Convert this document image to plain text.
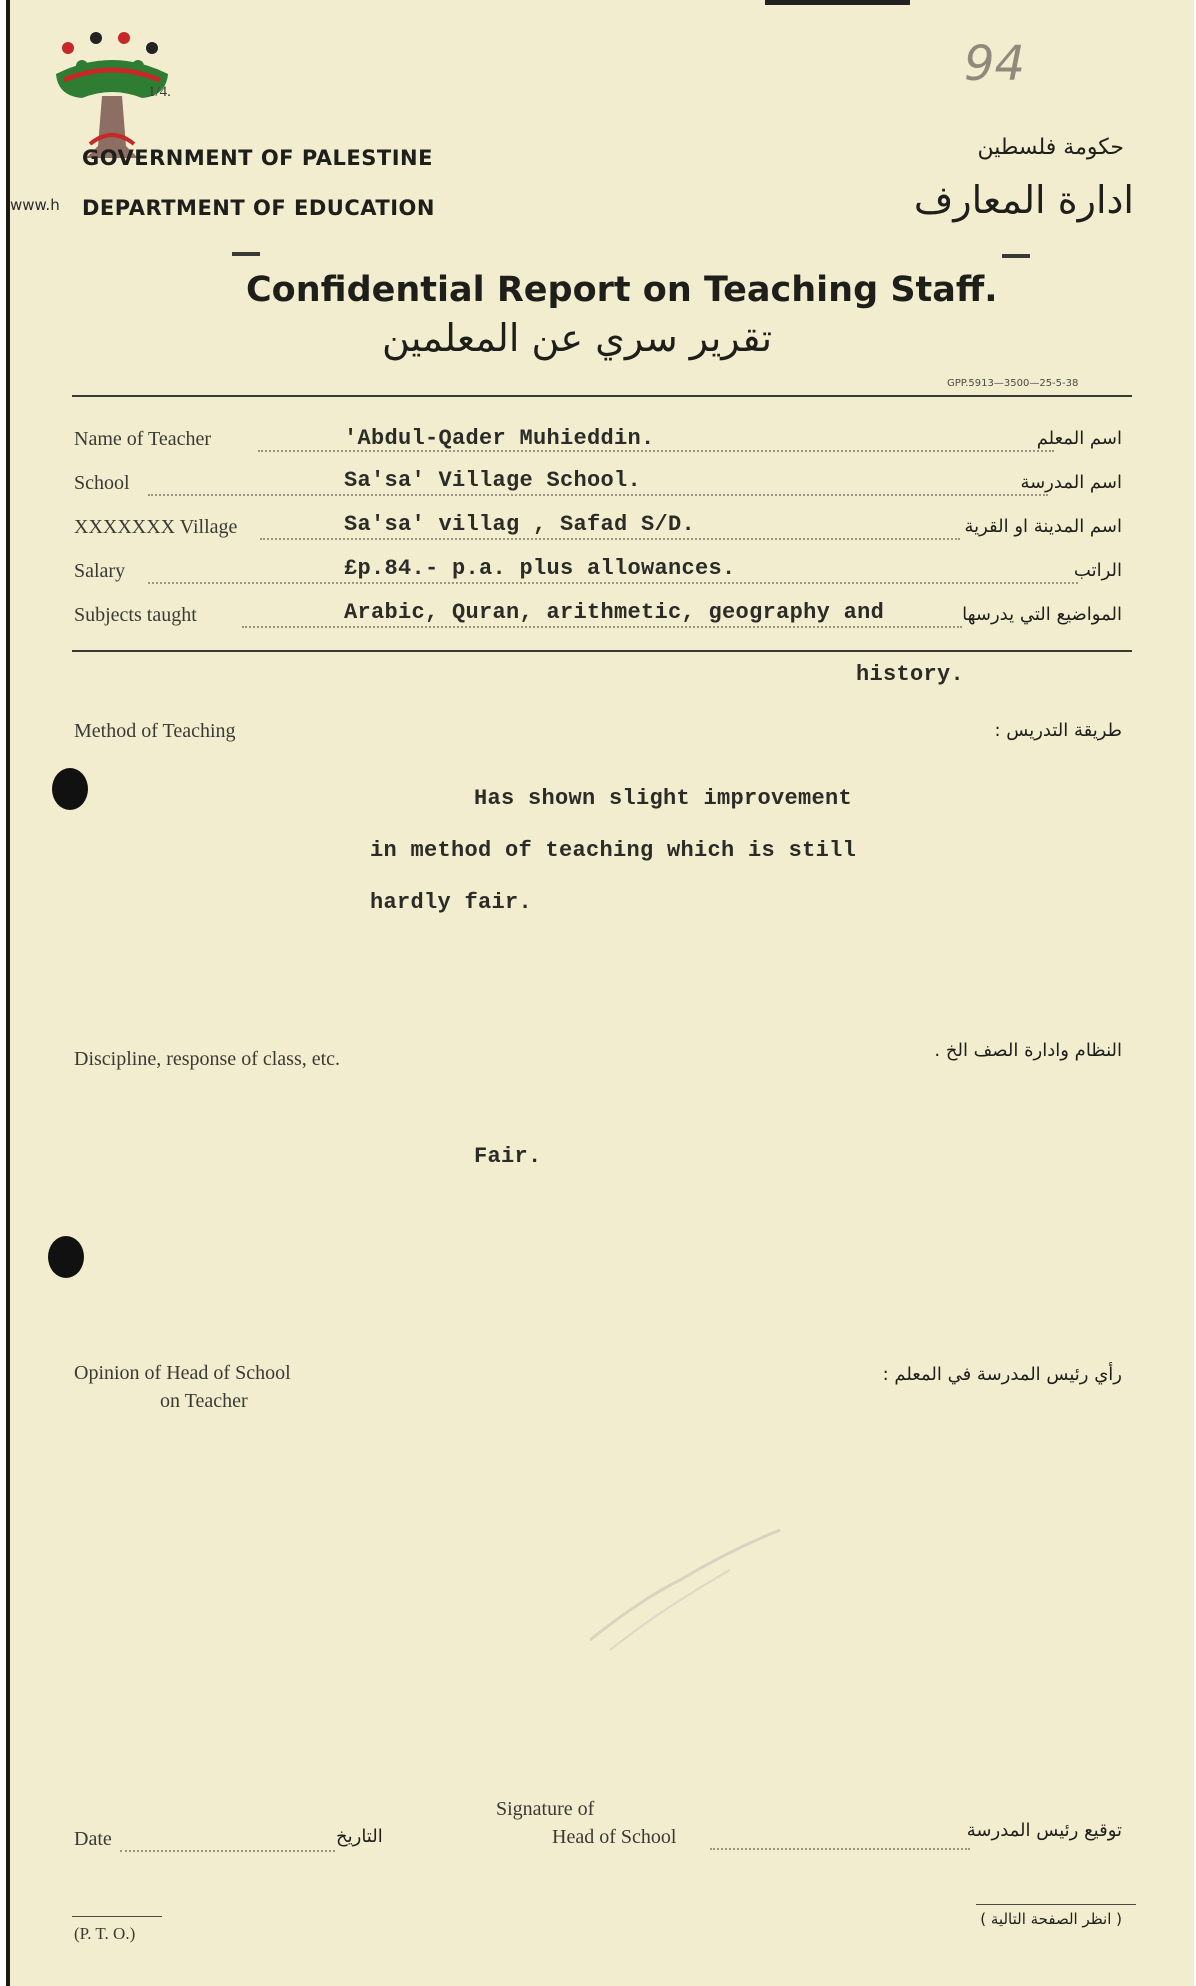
www.h
1/4.	94
GOVERNMENT OF PALESTINE
DEPARTMENT OF EDUCATION
حكومة فلسطين
ادارة المعارف
Confidential Report on Teaching Staff.
تقرير سري عن المعلمين
GPP.5913—3500—25-5-38
Name of Teacher	'Abdul-Qader Muhieddin.	اسم المعلم
School	Sa'sa' Village School.	اسم المدرسة
XXXXXXX Village	Sa'sa' villag , Safad S/D.	اسم المدينة او القرية
Salary	£p.84.- p.a. plus allowances.	الراتب
Subjects taught	Arabic, Quran, arithmetic, geography and	المواضيع التي يدرسها
history.
Method of Teaching	طريقة التدريس :
Has shown slight improvement
in method of teaching which is still
hardly fair.
Discipline, response of class, etc.	النظام وادارة الصف الخ .
Fair.
Opinion of Head of School
on Teacher
رأي رئيس المدرسة في المعلم :
Date	التاريخ
Signature of
Head of School	توقيع رئيس المدرسة
(P. T. O.)
( انظر الصفحة التالية )
